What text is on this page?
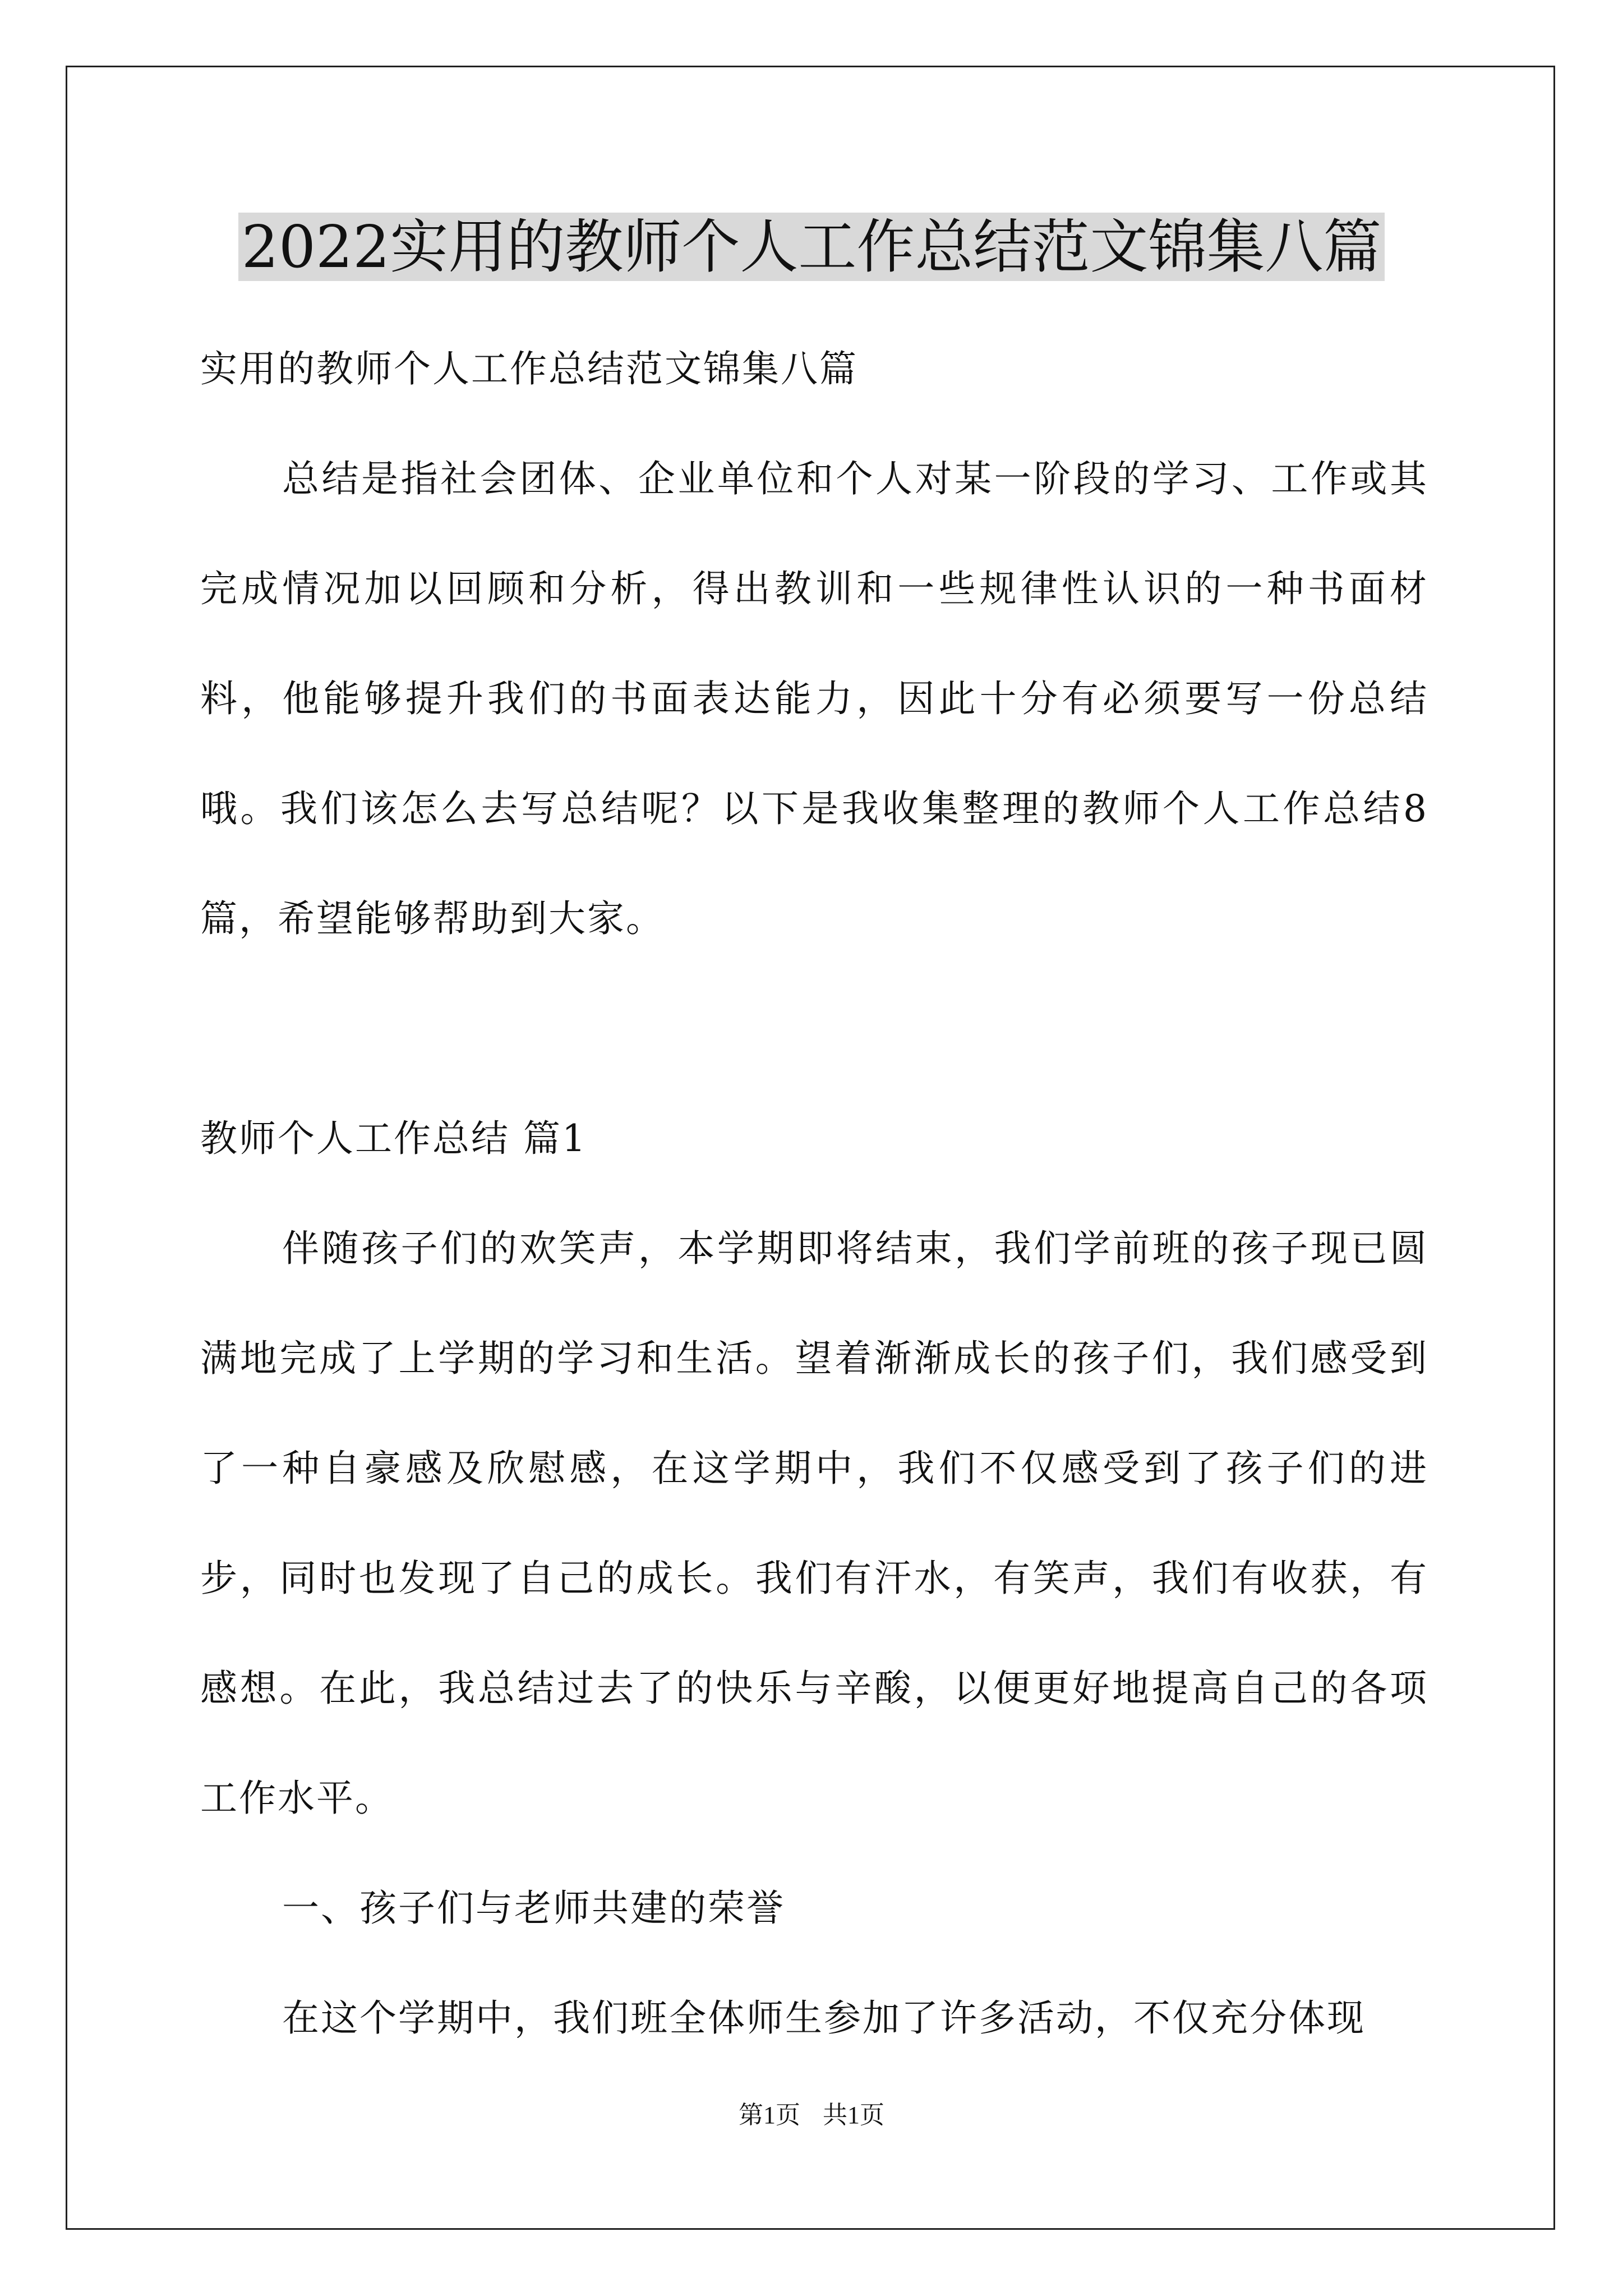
2022实用的教师个人工作总结范文锦集八篇

实用的教师个人工作总结范文锦集八篇

总结是指社会团体、企业单位和个人对某一阶段的学习、工作或其完成情况加以回顾和分析，得出教训和一些规律性认识的一种书面材料，他能够提升我们的书面表达能力，因此十分有必须要写一份总结哦。我们该怎么去写总结呢？以下是我收集整理的教师个人工作总结8篇，希望能够帮助到大家。

教师个人工作总结 篇1

伴随孩子们的欢笑声，本学期即将结束，我们学前班的孩子现已圆满地完成了上学期的学习和生活。望着渐渐成长的孩子们，我们感受到了一种自豪感及欣慰感，在这学期中，我们不仅感受到了孩子们的进步，同时也发现了自己的成长。我们有汗水，有笑声，我们有收获，有感想。在此，我总结过去了的快乐与辛酸，以便更好地提高自己的各项工作水平。

一、孩子们与老师共建的荣誉

在这个学期中，我们班全体师生参加了许多活动，不仅充分体现

第1页 共1页
